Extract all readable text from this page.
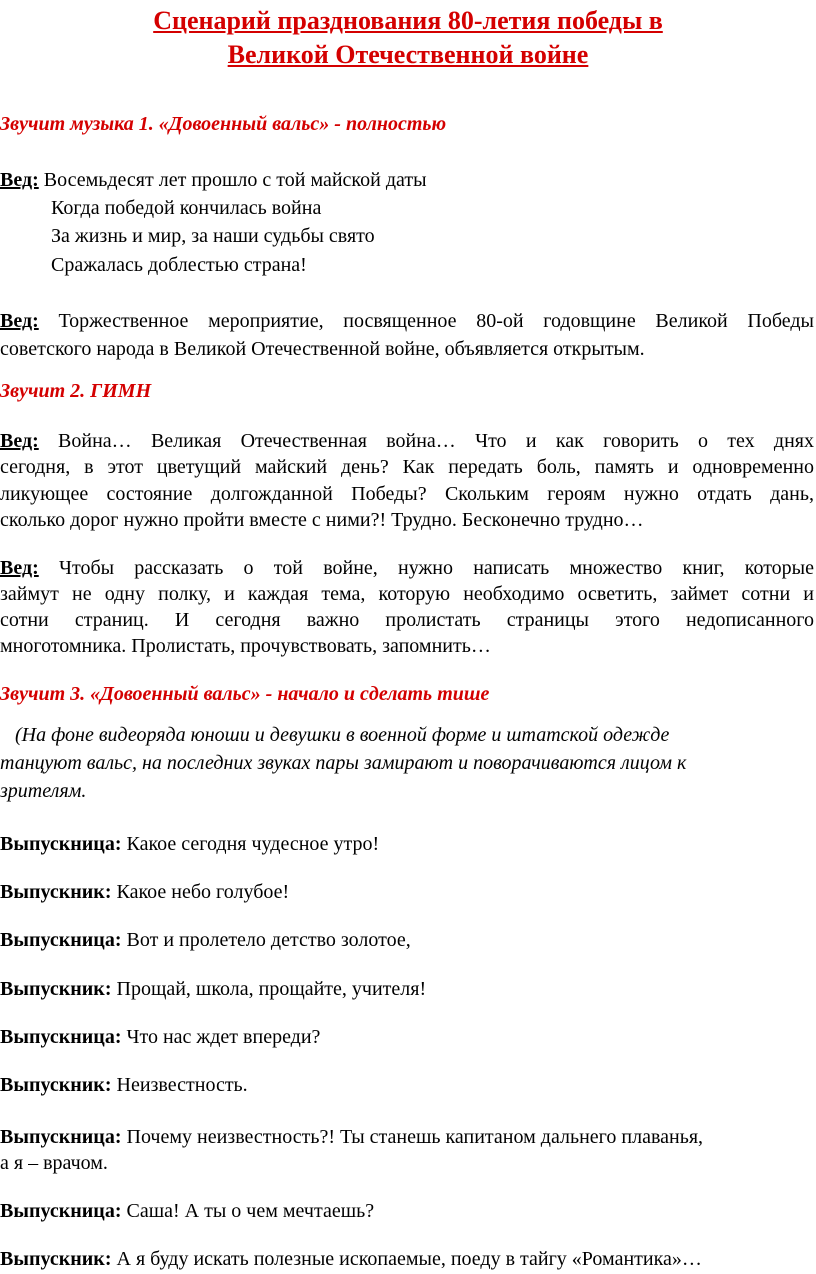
Сценарий празднования 80-летия победы в
Великой Отечественной войне
Звучит музыка 1. «Довоенный вальс» - полностью
Вед: Восемьдесят лет прошло с той майской даты
Когда победой кончилась война
За жизнь и мир, за наши судьбы свято
Сражалась доблестью страна!
Вед: Торжественное мероприятие, посвященное 80-ой годовщине Великой Победы
советского народа в Великой Отечественной войне, объявляется открытым.
Звучит 2. ГИМН
Вед: Война… Великая Отечественная война… Что и как говорить о тех днях
сегодня, в этот цветущий майский день? Как передать боль, память и одновременно
ликующее состояние долгожданной Победы? Скольким героям нужно отдать дань,
сколько дорог нужно пройти вместе с ними?! Трудно. Бесконечно трудно…
Вед: Чтобы рассказать о той войне, нужно написать множество книг, которые
займут не одну полку, и каждая тема, которую необходимо осветить, займет сотни и
сотни страниц. И сегодня важно пролистать страницы этого недописанного
многотомника. Пролистать, прочувствовать, запомнить…
Звучит 3. «Довоенный вальс» - начало и сделать тише
(На фоне видеоряда юноши и девушки в военной форме и штатской одежде
танцуют вальс, на последних звуках пары замирают и поворачиваются лицом к
зрителям.
Выпускница: Какое сегодня чудесное утро!
Выпускник: Какое небо голубое!
Выпускница: Вот и пролетело детство золотое,
Выпускник: Прощай, школа, прощайте, учителя!
Выпускница: Что нас ждет впереди?
Выпускник: Неизвестность.
Выпускница: Почему неизвестность?! Ты станешь капитаном дальнего плаванья,
а я – врачом.
Выпускница: Саша! А ты о чем мечтаешь?
Выпускник: А я буду искать полезные ископаемые, поеду в тайгу «Романтика»…
